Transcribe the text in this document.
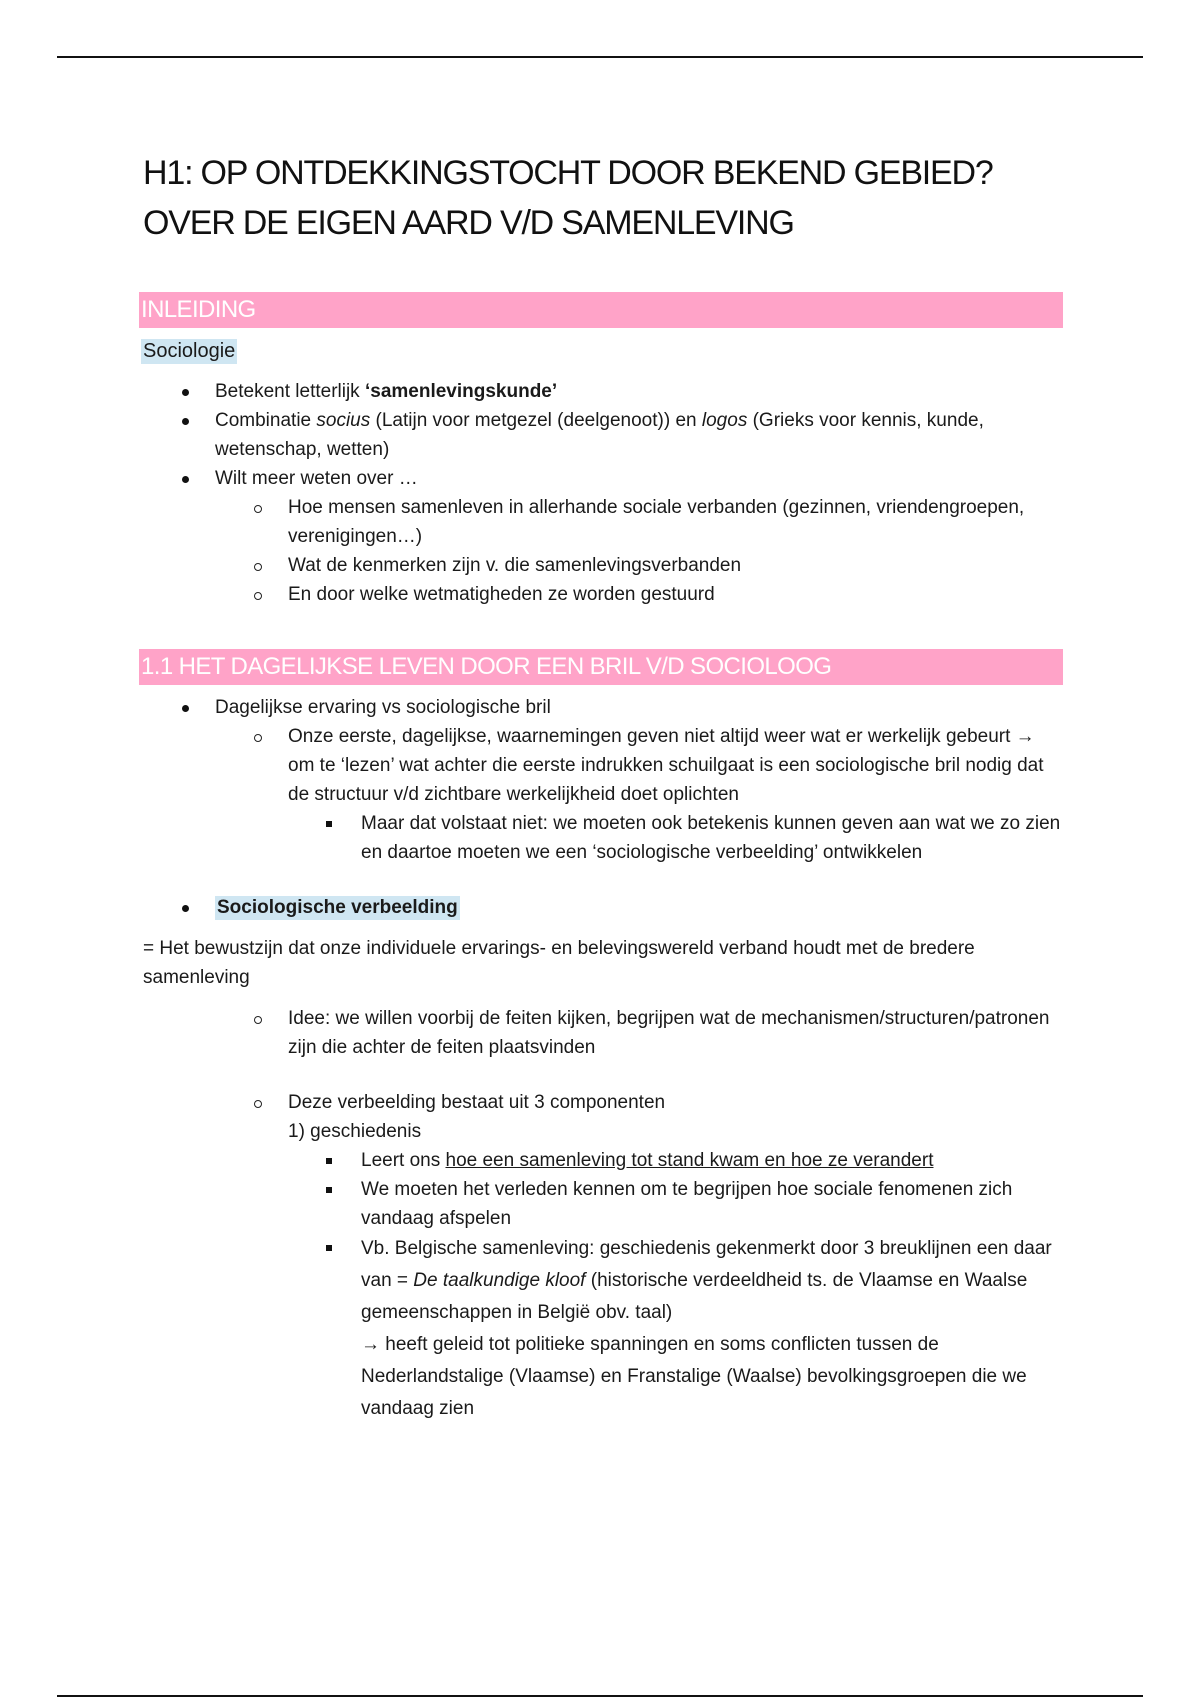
H1: OP ONTDEKKINGSTOCHT DOOR BEKEND GEBIED?
OVER DE EIGEN AARD V/D SAMENLEVING
INLEIDING
Sociologie
Betekent letterlijk ‘samenlevingskunde’
Combinatie socius (Latijn voor metgezel (deelgenoot)) en logos (Grieks voor kennis, kunde, wetenschap, wetten)
Wilt meer weten over …
Hoe mensen samenleven in allerhande sociale verbanden (gezinnen, vriendengroepen, verenigingen…)
Wat de kenmerken zijn v. die samenlevingsverbanden
En door welke wetmatigheden ze worden gestuurd
1.1 HET DAGELIJKSE LEVEN DOOR EEN BRIL V/D SOCIOLOOG
Dagelijkse ervaring vs sociologische bril
Onze eerste, dagelijkse, waarnemingen geven niet altijd weer wat er werkelijk gebeurt → om te ‘lezen’ wat achter die eerste indrukken schuilgaat is een sociologische bril nodig dat de structuur v/d zichtbare werkelijkheid doet oplichten
Maar dat volstaat niet: we moeten ook betekenis kunnen geven aan wat we zo zien en daartoe moeten we een ‘sociologische verbeelding’ ontwikkelen
Sociologische verbeelding
= Het bewustzijn dat onze individuele ervarings- en belevingswereld verband houdt met de bredere samenleving
Idee: we willen voorbij de feiten kijken, begrijpen wat de mechanismen/structuren/patronen zijn die achter de feiten plaatsvinden
Deze verbeelding bestaat uit 3 componenten
1) geschiedenis
Leert ons hoe een samenleving tot stand kwam en hoe ze verandert
We moeten het verleden kennen om te begrijpen hoe sociale fenomenen zich vandaag afspelen
Vb. Belgische samenleving: geschiedenis gekenmerkt door 3 breuklijnen een daar van = De taalkundige kloof (historische verdeeldheid ts. de Vlaamse en Waalse gemeenschappen in België obv. taal)
→ heeft geleid tot politieke spanningen en soms conflicten tussen de Nederlandstalige (Vlaamse) en Franstalige (Waalse) bevolkingsgroepen die we vandaag zien
